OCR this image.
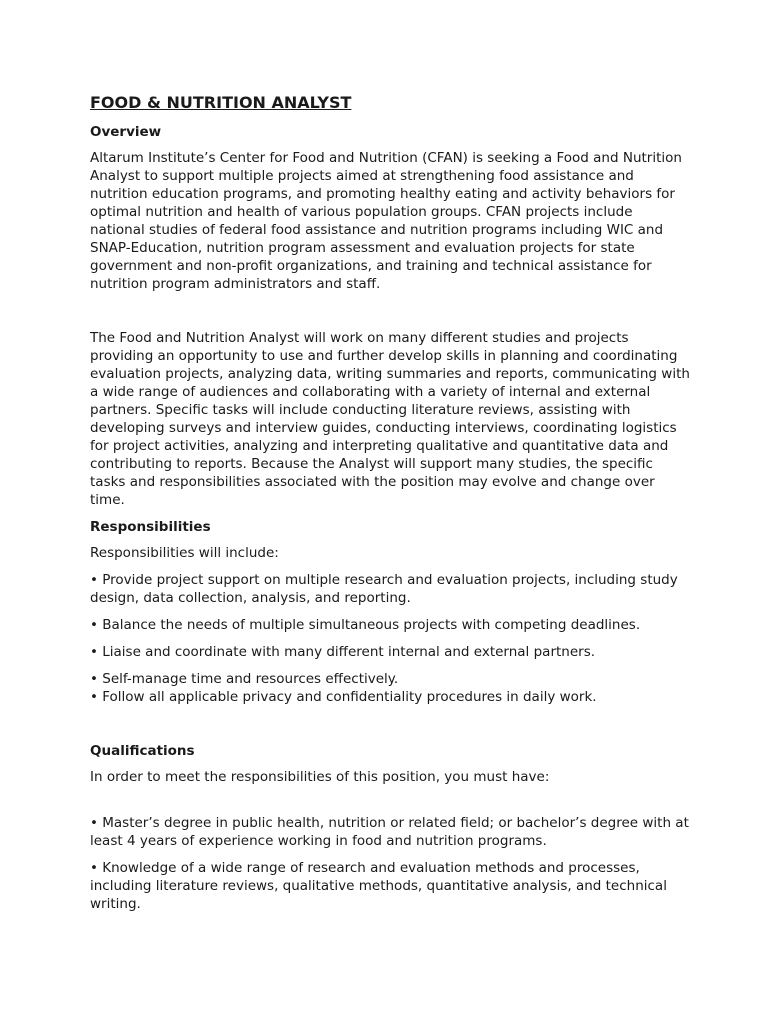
FOOD & NUTRITION ANALYST
Overview

Altarum Institute’s Center for Food and Nutrition (CFAN) is seeking a Food and Nutrition Analyst to support multiple projects aimed at strengthening food assistance and nutrition education programs, and promoting healthy eating and activity behaviors for optimal nutrition and health of various population groups. CFAN projects include national studies of federal food assistance and nutrition programs including WIC and SNAP-Education, nutrition program assessment and evaluation projects for state government and non-profit organizations, and training and technical assistance for nutrition program administrators and staff.

The Food and Nutrition Analyst will work on many different studies and projects providing an opportunity to use and further develop skills in planning and coordinating evaluation projects, analyzing data, writing summaries and reports, communicating with a wide range of audiences and collaborating with a variety of internal and external partners. Specific tasks will include conducting literature reviews, assisting with developing surveys and interview guides, conducting interviews, coordinating logistics for project activities, analyzing and interpreting qualitative and quantitative data and contributing to reports. Because the Analyst will support many studies, the specific tasks and responsibilities associated with the position may evolve and change over time.

Responsibilities

Responsibilities will include:

• Provide project support on multiple research and evaluation projects, including study design, data collection, analysis, and reporting.

• Balance the needs of multiple simultaneous projects with competing deadlines.

• Liaise and coordinate with many different internal and external partners.

• Self-manage time and resources effectively.

• Follow all applicable privacy and confidentiality procedures in daily work.

Qualifications

In order to meet the responsibilities of this position, you must have:

• Master’s degree in public health, nutrition or related field; or bachelor’s degree with at least 4 years of experience working in food and nutrition programs.

• Knowledge of a wide range of research and evaluation methods and processes, including literature reviews, qualitative methods, quantitative analysis, and technical writing.
